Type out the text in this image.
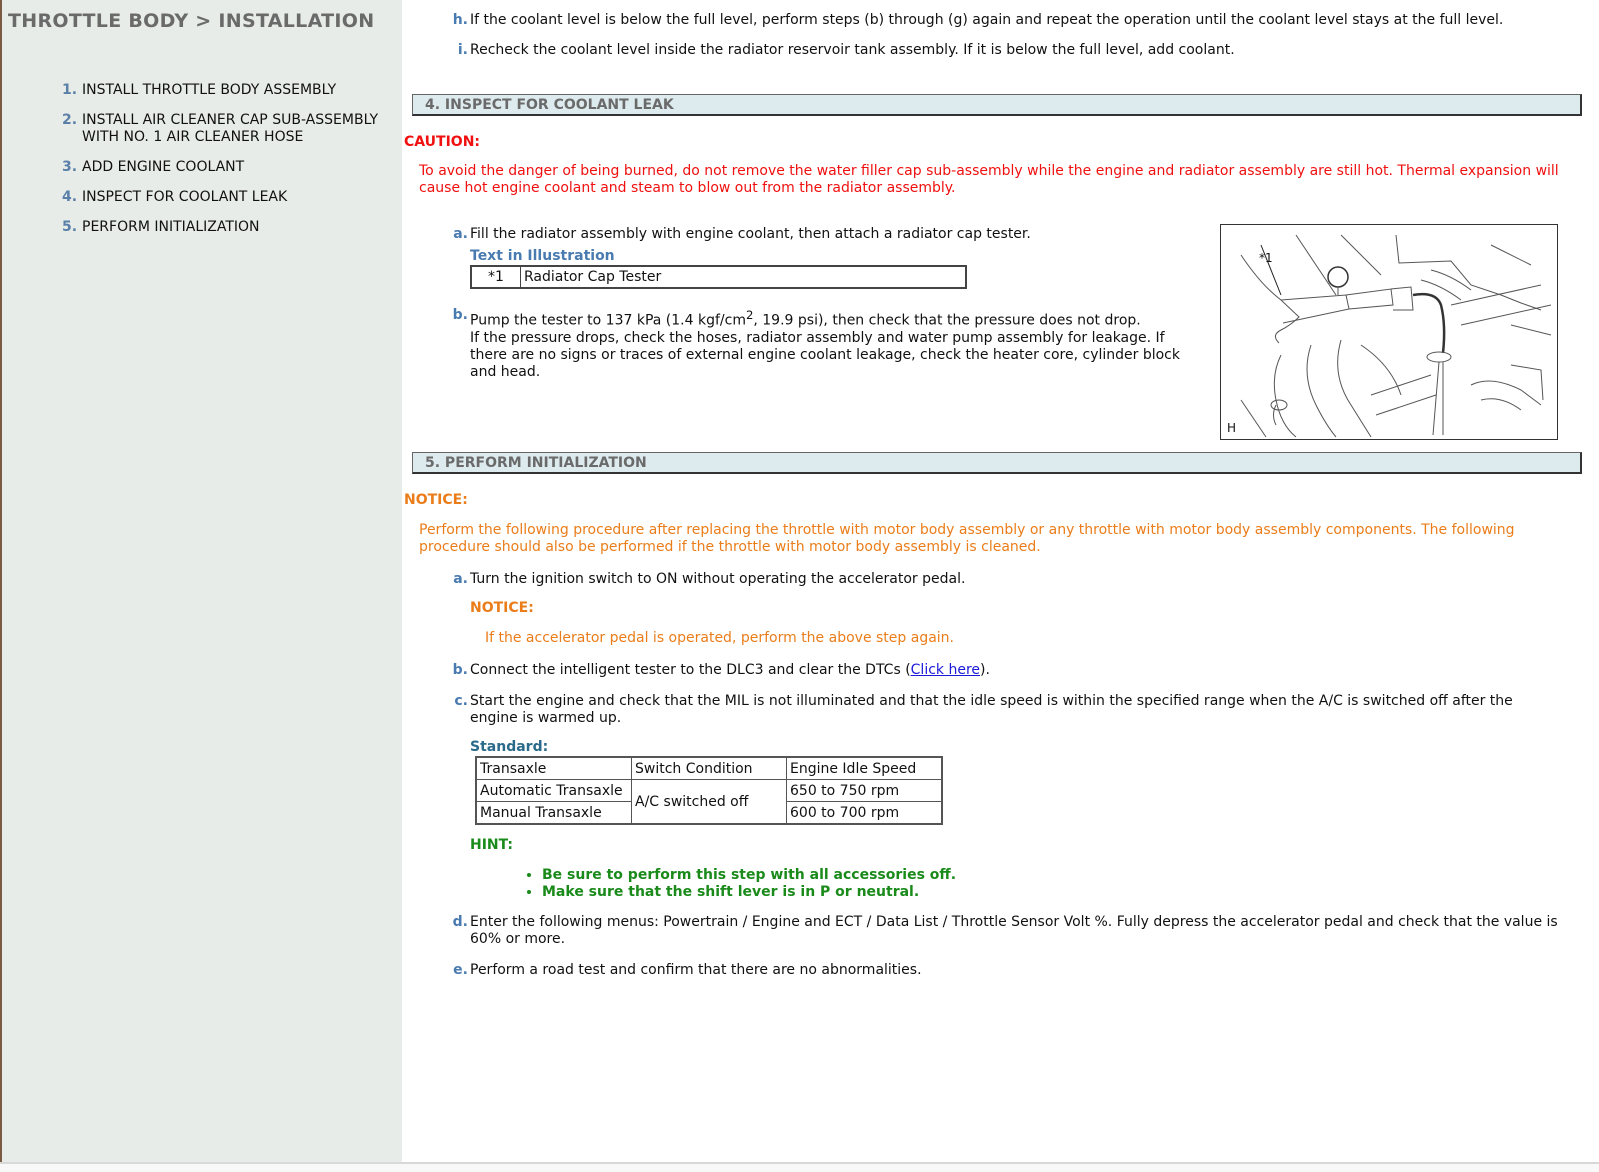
THROTTLE BODY > INSTALLATION
1. INSTALL THROTTLE BODY ASSEMBLY
2. INSTALL AIR CLEANER CAP SUB-ASSEMBLY WITH NO. 1 AIR CLEANER HOSE
3. ADD ENGINE COOLANT
4. INSPECT FOR COOLANT LEAK
5. PERFORM INITIALIZATION
h. If the coolant level is below the full level, perform steps (b) through (g) again and repeat the operation until the coolant level stays at the full level.
i. Recheck the coolant level inside the radiator reservoir tank assembly. If it is below the full level, add coolant.
4. INSPECT FOR COOLANT LEAK
CAUTION:
To avoid the danger of being burned, do not remove the water filler cap sub-assembly while the engine and radiator assembly are still hot. Thermal expansion will cause hot engine coolant and steam to blow out from the radiator assembly.
a. Fill the radiator assembly with engine coolant, then attach a radiator cap tester.
Text in Illustration
*1	Radiator Cap Tester
b. Pump the tester to 137 kPa (1.4 kgf/$cm^2$, 19.9 psi), then check that the pressure does not drop.
If the pressure drops, check the hoses, radiator assembly and water pump assembly for leakage. If there are no signs or traces of external engine coolant leakage, check the heater core, cylinder block and head.
*1
H
5. PERFORM INITIALIZATION
NOTICE:
Perform the following procedure after replacing the throttle with motor body assembly or any throttle with motor body assembly components. The following procedure should also be performed if the throttle with motor body assembly is cleaned.
a. Turn the ignition switch to ON without operating the accelerator pedal.
NOTICE:
If the accelerator pedal is operated, perform the above step again.
b. Connect the intelligent tester to the DLC3 and clear the DTCs (Click here).
c. Start the engine and check that the MIL is not illuminated and that the idle speed is within the specified range when the A/C is switched off after the engine is warmed up.
Standard:
Transaxle	Switch Condition	Engine Idle Speed
Automatic Transaxle	A/C switched off	650 to 750 rpm
Manual Transaxle		600 to 700 rpm
HINT:
• Be sure to perform this step with all accessories off.
• Make sure that the shift lever is in P or neutral.
d. Enter the following menus: Powertrain / Engine and ECT / Data List / Throttle Sensor Volt %. Fully depress the accelerator pedal and check that the value is 60% or more.
e. Perform a road test and confirm that there are no abnormalities.
